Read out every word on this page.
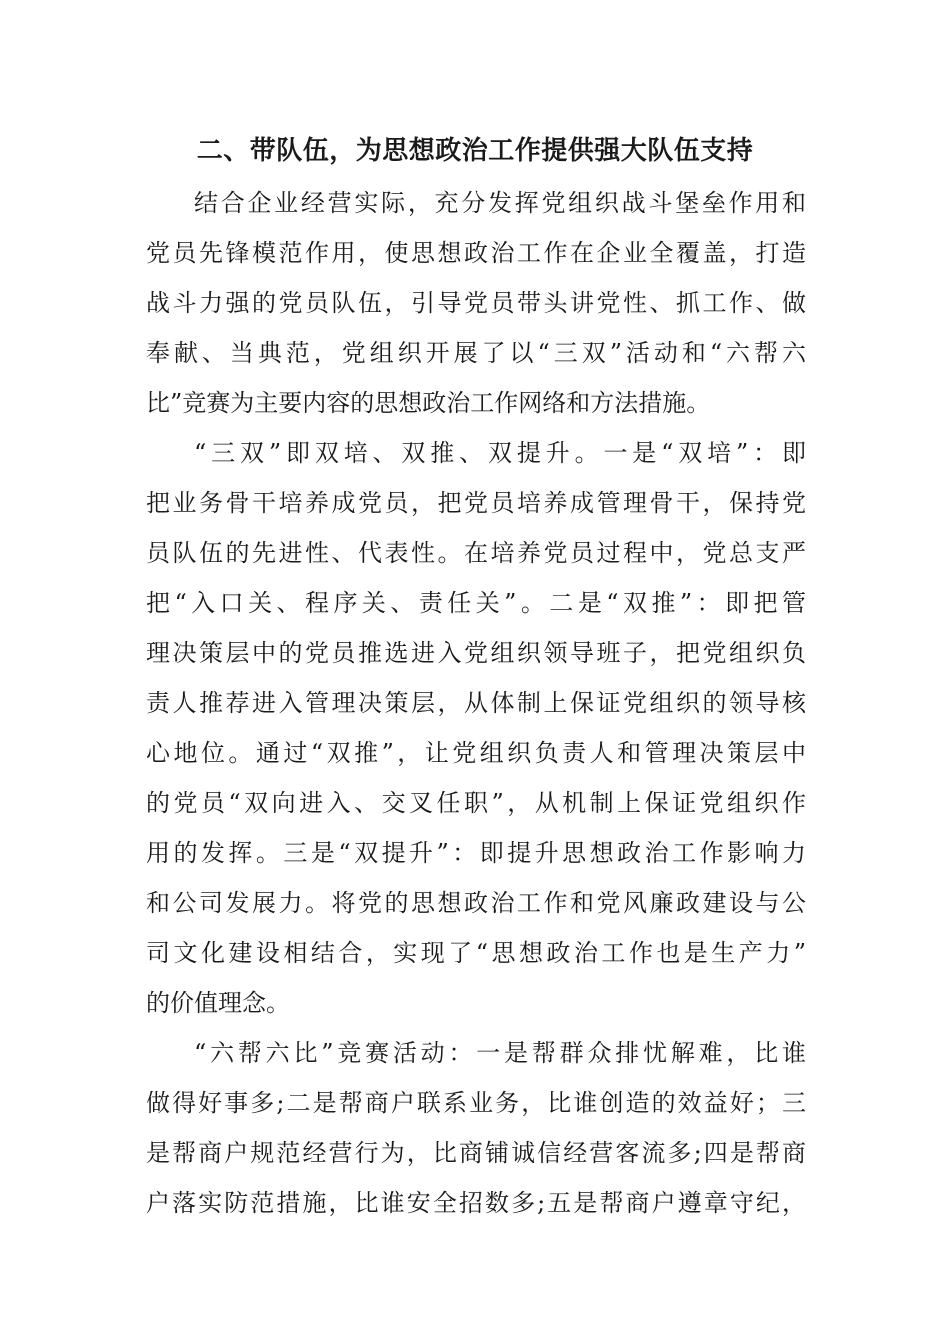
二、带队伍，为思想政治工作提供强大队伍支持
结合企业经营实际，充分发挥党组织战斗堡垒作用和
党员先锋模范作用，使思想政治工作在企业全覆盖，打造
战斗力强的党员队伍，引导党员带头讲党性、抓工作、做
奉献、当典范，党组织开展了以“三双”活动和“六帮六
比”竞赛为主要内容的思想政治工作网络和方法措施。
“三双”即双培、双推、双提升。一是“双培”：即
把业务骨干培养成党员，把党员培养成管理骨干，保持党
员队伍的先进性、代表性。在培养党员过程中，党总支严
把“入口关、程序关、责任关”。二是“双推”：即把管
理决策层中的党员推选进入党组织领导班子，把党组织负
责人推荐进入管理决策层，从体制上保证党组织的领导核
心地位。通过“双推”，让党组织负责人和管理决策层中
的党员“双向进入、交叉任职”，从机制上保证党组织作
用的发挥。三是“双提升”：即提升思想政治工作影响力
和公司发展力。将党的思想政治工作和党风廉政建设与公
司文化建设相结合，实现了“思想政治工作也是生产力”
的价值理念。
“六帮六比”竞赛活动：一是帮群众排忧解难，比谁
做得好事多;二是帮商户联系业务，比谁创造的效益好；三
是帮商户规范经营行为，比商铺诚信经营客流多;四是帮商
户落实防范措施，比谁安全招数多;五是帮商户遵章守纪，
